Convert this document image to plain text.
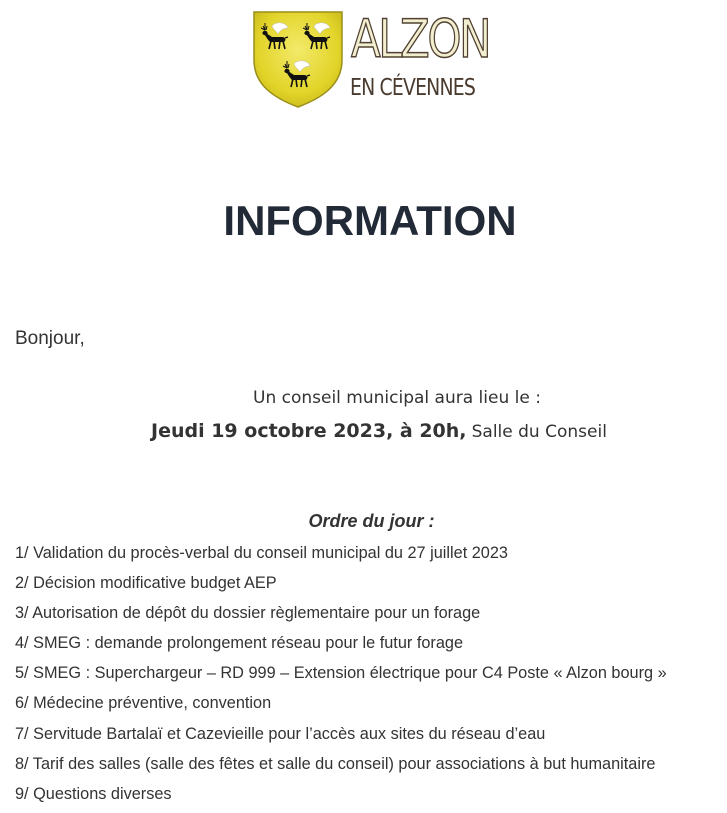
ALZON
EN CÉVENNES
INFORMATION
Bonjour,
Un conseil municipal aura lieu le :
Jeudi 19 octobre 2023, à 20h, Salle du Conseil
Ordre du jour :
1/ Validation du procès-verbal du conseil municipal du 27 juillet 2023
2/ Décision modificative budget AEP
3/ Autorisation de dépôt du dossier règlementaire pour un forage
4/ SMEG : demande prolongement réseau pour le futur forage
5/ SMEG : Superchargeur – RD 999 – Extension électrique pour C4 Poste « Alzon bourg »
6/ Médecine préventive, convention
7/ Servitude Bartalaï et Cazevieille pour l’accès aux sites du réseau d’eau
8/ Tarif des salles (salle des fêtes et salle du conseil) pour associations à but humanitaire
9/ Questions diverses
